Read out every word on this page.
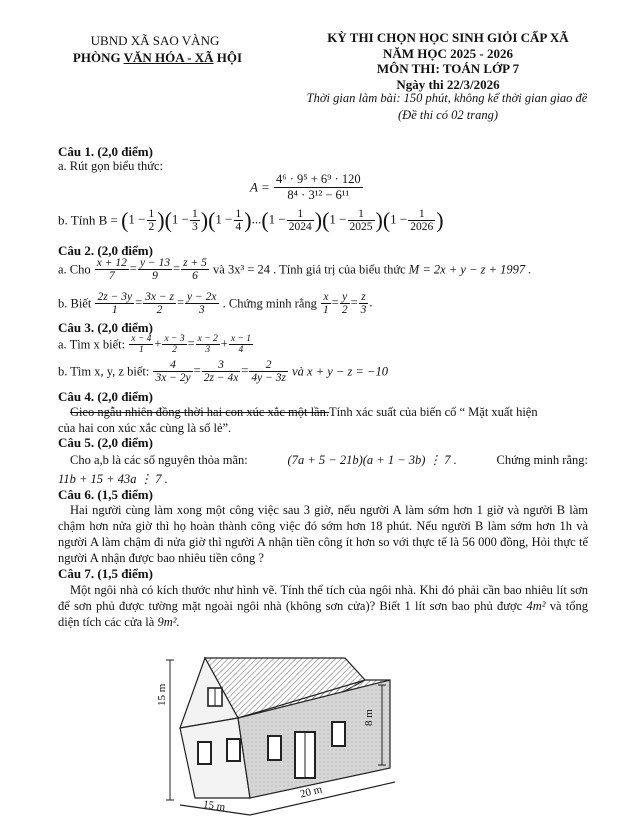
UBND XÃ SAO VÀNG
PHÒNG VĂN HÓA - XÃ HỘI
KỲ THI CHỌN HỌC SINH GIỎI CẤP XÃ
NĂM HỌC 2025 - 2026
MÔN THI: TOÁN LỚP 7
Ngày thi 22/3/2026
Thời gian làm bài: 150 phút, không kể thời gian giao đề
(Đề thi có 02 trang)
Câu 1. (2,0 điểm)
a. Rút gọn biểu thức:
$A = \frac{\text{4⁶ · 9⁵ + 6⁹ · 120}}{\text{8⁴ · 3¹² − 6¹¹}}$
b. Tính $B = (1 - \frac{1}{2} )(1 - \frac{1}{3} )(1 - \frac{1}{4} )...(1 - \frac{1}{2024} )(1 - \frac{1}{2025} )(1 - \frac{1}{2026}$ )
Câu 2. (2,0 điểm)
a. Cho $\frac{x + 12}{7} = \frac{y - 13}{9} = \frac{z + 5}{6}$ và 3x³ = 24 . Tính giá trị của biểu thức M = 2x + y − z + 1997 .
b. Biết $\frac{2z - 3y}{1} = \frac{3x - z}{2} = \frac{y - 2x}{3}$ . Chứng minh rằng $\frac{x}{1} = \frac{y}{2} = \frac{z}{3}$ .
Câu 3. (2,0 điểm)
a. Tìm x biết: $\frac{x - 4}{1} + \frac{x - 3}{2} = \frac{x - 2}{3} + \frac{x - 1}{4}$
b. Tìm x, y, z biết: $\frac{4}{3x - 2y} = \frac{3}{2z - 4x} = \frac{2}{4y - 3z}$ và x + y − z = −10
Câu 4. (2,0 điểm)
Gieo ngẫu nhiên đồng thời hai con xúc xắc một lần.Tính xác suất của biến cố “ Mặt xuất hiện
của hai con xúc xắc cùng là số lẻ”.
Câu 5. (2,0 điểm)
Cho a,b là các số nguyên thỏa mãn:	(7a + 5 − 21b)(a + 1 − 3b) ⋮ 7 .	Chứng minh rằng:
11b + 15 + 43a ⋮ 7 .
Câu 6. (1,5 điểm)
Hai người cùng làm xong một công việc sau 3 giờ, nếu người A làm sớm hơn 1 giờ và người B làm chậm hơn nửa giờ thì họ hoàn thành công việc đó sớm hơn 18 phút. Nếu người B làm sớm hơn 1h và người A làm chậm đi nửa giờ thì người A nhận tiền công ít hơn so với thực tế là 56 000 đồng, Hỏi thực tế người A nhận được bao nhiêu tiền công ?
Câu 7. (1,5 điểm)
Một ngôi nhà có kích thước như hình vẽ. Tính thể tích của ngôi nhà. Khi đó phải cần bao nhiêu lít sơn để sơn phủ được tường mặt ngoài ngôi nhà (không sơn cửa)? Biết 1 lít sơn bao phủ được 4m² và tổng diện tích các cửa là 9m².
15 m
8 m
15 m
20 m
